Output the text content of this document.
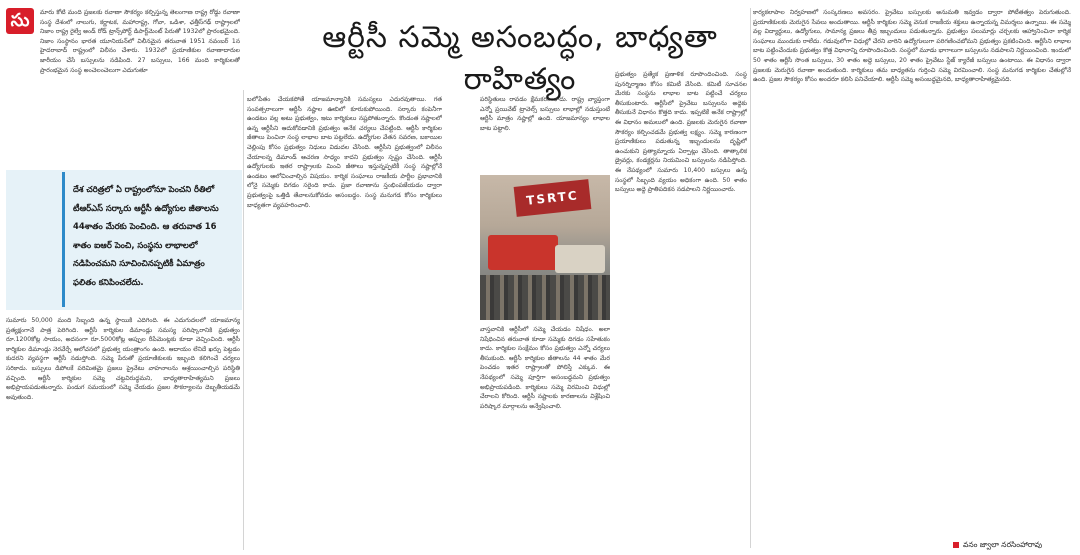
సు	ఆర్టీసీ సమ్మె అసంబద్ధం, బాధ్యతా రాహిత్యం
మారు కోటి మంది ప్రజలకు రవాణా సౌకర్యం కల్పిస్తున్న తెలంగాణ రాష్ట్ర రోడ్డు రవాణా సంస్థ దేశంలో నాలుగు, కర్ణాటక, మహారాష్ట్ర, గోవా, ఒడిశా, ఛత్తీస్‌గఢ్ రాష్ట్రాలలో నిజాం రాష్ట్ర రైల్వే అండ్ రోడ్ ట్రాన్స్‌పోర్ట్ డిపార్ట్‌మెంట్ పేరుతో 1932లో ప్రారంభమైంది. నిజాం సంస్థానం భారత యూనియన్‌లో విలీనమైన తరువాత 1951 నవంబర్ 1న హైదరాబాద్ రాష్ట్రంలో విలీనం చేశారు. 1932లో ప్రయాణికుల రవాణాదారుల జారీయం చేసే బస్సులను నడిపింది. 27 బస్సులు, 166 మంది కార్మికులతో ప్రారంభమైన సంస్థ అంచెలంచెలుగా ఎదుగుతూ
దేశ చరిత్రలో ఏ రాష్ట్రంలోనూ పెంచని రీతిలో టీఆర్‌ఎస్ సర్కారు ఆర్టీసీ ఉద్యోగుల జీతాలను 44శాతం మేరకు పెంచింది. ఆ తరువాత 16 శాతం ఐఆర్ పెంచి, సంస్థను లాభాలలో నడిపించమని సూచించినప్పటికీ ఏమాత్రం ఫలితం కనిపించలేదు.
సుమారు 50,000 మంది సిబ్బంది ఉన్న స్థాయికి ఎదిగింది. ఈ ఎదుగుదలలో యాజమాన్య ప్రత్యక్షంగానే పాత్ర పెరిగింది. ఆర్టీసీ కార్మికుల డిమాండ్లు సమస్య పరిష్కారానికి ప్రభుత్వం రూ.1200కోట్ల సాయం, అదనంగా రూ.5000కోట్ల అప్పుల రీపేమెంట్లకు కూడా వెచ్చించింది. ఆర్టీసీ కార్మికుల డిమాండ్లు నెరవేర్చే ఆలోచనలో ప్రభుత్వ యంత్రాంగం ఉంది. ఆదాయం లేనిదే ఖర్చు పెట్టడం కుదరని వ్యవస్థగా ఆర్టీసీ నడుస్తోంది. సమ్మె పేరుతో ప్రయాణికులకు ఇబ్బంది కలిగించే చర్యలు సరికాదు. బస్సులు డిపోలకే పరిమితమై ప్రజలు ప్రైవేటు వాహనాలను ఆశ్రయించాల్సిన పరిస్థితి వచ్చింది. ఆర్టీసీ కార్మికుల సమ్మె చట్టవిరుద్ధమని, బాధ్యతారాహిత్యమని ప్రజలు అభిప్రాయపడుతున్నారు. పండుగ సమయంలో సమ్మె చేయడం ప్రజల సౌకర్యాలను దెబ్బతీయడమే అవుతుంది.
బలోపేతం చేయకపోతే యాజమాన్యానికి సమస్యలు ఎదురవుతాయి. గత సంవత్సరాలుగా ఆర్టీసీ నష్టాల ఊబిలో కూరుకుపోయింది. సర్కారు కంపెనీగా ఉండటం వల్ల అటు ప్రభుత్వం, ఇటు కార్మికులు నష్టపోతున్నారు. కొండంత నష్టాలలో ఉన్న ఆర్టీసీని ఆదుకోవడానికి ప్రభుత్వం అనేక చర్యలు చేపట్టింది. ఆర్టీసీ కార్మికుల జీతాలు పెంచినా సంస్థ లాభాల బాట పట్టలేదు. ఉద్యోగుల వేతన సవరణ, బకాయిల చెల్లింపు కోసం ప్రభుత్వం నిధులు విడుదల చేసింది. ఆర్టీసీని ప్రభుత్వంలో విలీనం చేయాలన్న డిమాండ్ ఆచరణ సాధ్యం కాదని ప్రభుత్వం స్పష్టం చేసింది. ఆర్టీసీ ఉద్యోగులకు ఇతర రాష్ట్రాలకు మించి జీతాలు ఇస్తున్నప్పటికీ సంస్థ నష్టాల్లోనే ఉండటం ఆలోచించాల్సిన విషయం. కార్మిక సంఘాలు రాజకీయ పార్టీల ప్రభావానికి లోనై సమ్మెకు దిగడం సరైంది కాదు. ప్రజా రవాణాను స్తంభింపజేయడం ద్వారా ప్రభుత్వంపై ఒత్తిడి తేవాలనుకోవడం అసంబద్ధం. సంస్థ మనుగడ కోసం కార్మికులు బాధ్యతగా వ్యవహరించాలి.
పరిస్థితులు రావడం క్షేమకరం కాదు. రాష్ట్ర వ్యాప్తంగా ఎన్నో ప్రయివేట్ ట్రావెల్స్ బస్సులు లాభాల్లో నడుస్తుంటే ఆర్టీసీ మాత్రం నష్టాల్లో ఉంది. యాజమాన్యం లాభాల బాట పట్టాలి.
TSRTC
వాస్తవానికి ఆర్టీసీలో సమ్మె చేయడం నిషేధం. అలా నిషేధించిన తరువాత కూడా సమ్మెకు దిగడం సహేతుకం కాదు. కార్మికుల సంక్షేమం కోసం ప్రభుత్వం ఎన్నో చర్యలు తీసుకుంది. ఆర్టీసీ కార్మికుల జీతాలను 44 శాతం మేర పెంచడం ఇతర రాష్ట్రాలతో పోలిస్తే ఎక్కువ. ఈ నేపథ్యంలో సమ్మె పూర్తిగా అసంబద్ధమని ప్రభుత్వం అభిప్రాయపడింది. కార్మికులు సమ్మె విరమించి విధుల్లో చేరాలని కోరింది. ఆర్టీసీ నష్టాలకు కారణాలను విశ్లేషించి పరిష్కార మార్గాలను అన్వేషించాలి.
ప్రభుత్వం ప్రత్యేక ప్రణాళిక రూపొందించింది. సంస్థ పునర్నిర్మాణం కోసం కమిటీ వేసింది. కమిటీ సూచనల మేరకు సంస్థను లాభాల బాట పట్టించే చర్యలు తీసుకుంటారు. ఆర్టీసీలో ప్రైవేటు బస్సులను అద్దెకు తీసుకునే విధానం కొత్తది కాదు. ఇప్పటికే అనేక రాష్ట్రాల్లో ఈ విధానం అమలులో ఉంది. ప్రజలకు మెరుగైన రవాణా సౌకర్యం కల్పించడమే ప్రభుత్వ లక్ష్యం. సమ్మె కారణంగా ప్రయాణికులు పడుతున్న ఇబ్బందులను దృష్టిలో ఉంచుకుని ప్రత్యామ్నాయ ఏర్పాట్లు చేసింది. తాత్కాలిక డ్రైవర్లు, కండక్టర్లను నియమించి బస్సులను నడిపిస్తోంది. ఈ నేపథ్యంలో సుమారు 10,400 బస్సులు ఉన్న సంస్థలో సిబ్బంది వ్యయం అధికంగా ఉంది. 50 శాతం బస్సులు అద్దె ప్రాతిపదికన నడపాలని నిర్ణయించారు.
కార్యకలాపాల నిర్వహణలో సంస్కరణలు అవసరం. ప్రైవేటు బస్సులకు అనుమతి ఇవ్వడం ద్వారా పోటీతత్వం పెరుగుతుంది. ప్రయాణికులకు మెరుగైన సేవలు అందుతాయి. ఆర్టీసీ కార్మికుల సమ్మె వెనుక రాజకీయ శక్తులు ఉన్నాయన్న విమర్శలు ఉన్నాయి. ఈ సమ్మె వల్ల విద్యార్థులు, ఉద్యోగులు, సామాన్య ప్రజలు తీవ్ర ఇబ్బందులు పడుతున్నారు. ప్రభుత్వం పలుమార్లు చర్చలకు ఆహ్వానించినా కార్మిక సంఘాలు ముందుకు రాలేదు. గడువులోగా విధుల్లో చేరని వారిని ఉద్యోగులుగా పరిగణించబోమని ప్రభుత్వం ప్రకటించింది. ఆర్టీసీని లాభాల బాట పట్టించేందుకు ప్రభుత్వం కొత్త విధానాన్ని రూపొందించింది. సంస్థలో మూడు భాగాలుగా బస్సులను నడపాలని నిర్ణయించింది. ఇందులో 50 శాతం ఆర్టీసీ సొంత బస్సులు, 30 శాతం అద్దె బస్సులు, 20 శాతం ప్రైవేటు స్టేజ్ క్యారేజీ బస్సులు ఉంటాయి. ఈ విధానం ద్వారా ప్రజలకు మెరుగైన రవాణా అందుతుంది. కార్మికులు తమ బాధ్యతను గుర్తించి సమ్మె విరమించాలి. సంస్థ మనుగడ కార్మికుల చేతుల్లోనే ఉంది. ప్రజల సౌకర్యం కోసం అందరూ కలిసి పనిచేయాలి. ఆర్టీసీ సమ్మె అసంబద్ధమైనది, బాధ్యతారాహిత్యమైనది.
వనం జ్వాలా నరసింహారావు
